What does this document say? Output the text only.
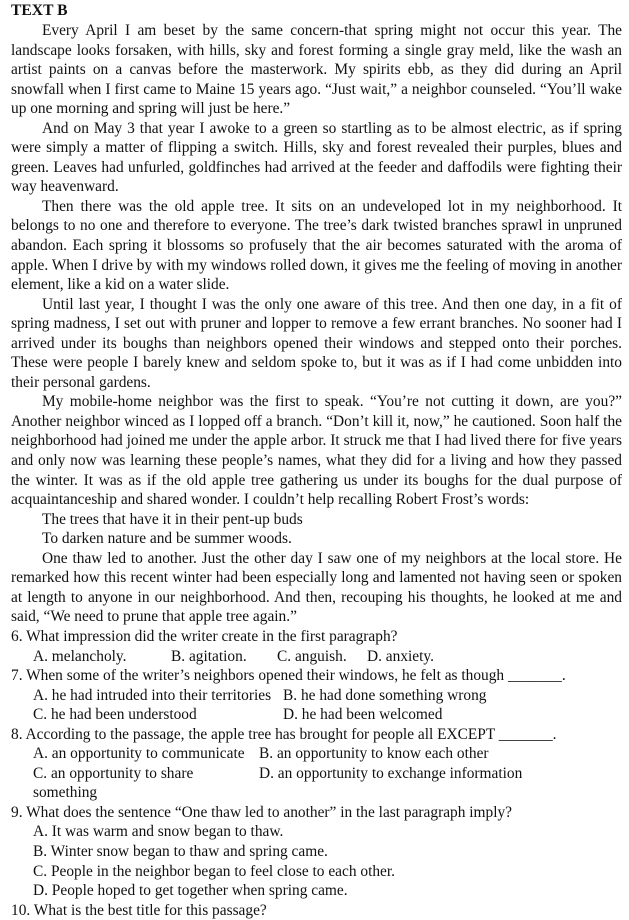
TEXT B

Every April I am beset by the same concern-that spring might not occur this year. The landscape looks forsaken, with hills, sky and forest forming a single gray meld, like the wash an artist paints on a canvas before the masterwork. My spirits ebb, as they did during an April snowfall when I first came to Maine 15 years ago. “Just wait,” a neighbor counseled. “You’ll wake up one morning and spring will just be here.”

And on May 3 that year I awoke to a green so startling as to be almost electric, as if spring were simply a matter of flipping a switch. Hills, sky and forest revealed their purples, blues and green. Leaves had unfurled, goldfinches had arrived at the feeder and daffodils were fighting their way heavenward.

Then there was the old apple tree. It sits on an undeveloped lot in my neighborhood. It belongs to no one and therefore to everyone. The tree’s dark twisted branches sprawl in unpruned abandon. Each spring it blossoms so profusely that the air becomes saturated with the aroma of apple. When I drive by with my windows rolled down, it gives me the feeling of moving in another element, like a kid on a water slide.

Until last year, I thought I was the only one aware of this tree. And then one day, in a fit of spring madness, I set out with pruner and lopper to remove a few errant branches. No sooner had I arrived under its boughs than neighbors opened their windows and stepped onto their porches. These were people I barely knew and seldom spoke to, but it was as if I had come unbidden into their personal gardens.

My mobile-home neighbor was the first to speak. “You’re not cutting it down, are you?” Another neighbor winced as I lopped off a branch. “Don’t kill it, now,” he cautioned. Soon half the neighborhood had joined me under the apple arbor. It struck me that I had lived there for five years and only now was learning these people’s names, what they did for a living and how they passed the winter. It was as if the old apple tree gathering us under its boughs for the dual purpose of acquaintanceship and shared wonder. I couldn’t help recalling Robert Frost’s words:

The trees that have it in their pent-up buds

To darken nature and be summer woods.

One thaw led to another. Just the other day I saw one of my neighbors at the local store. He remarked how this recent winter had been especially long and lamented not having seen or spoken at length to anyone in our neighborhood. And then, recouping his thoughts, he looked at me and said, “We need to prune that apple tree again.”

6. What impression did the writer create in the first paragraph?

A. melancholy.	B. agitation.	C. anguish.	D. anxiety.

7. When some of the writer’s neighbors opened their windows, he felt as though _______.

A. he had intruded into their territories B. he had done something wrong
C. he had been understood	D. he had been welcomed

8. According to the passage, the apple tree has brought for people all EXCEPT _______.

A. an opportunity to communicate B. an opportunity to know each other
C. an opportunity to share something
D. an opportunity to exchange information

9. What does the sentence “One thaw led to another” in the last paragraph imply?

A. It was warm and snow began to thaw.

B. Winter snow began to thaw and spring came.

C. People in the neighbor began to feel close to each other.

D. People hoped to get together when spring came.

10. What is the best title for this passage?
